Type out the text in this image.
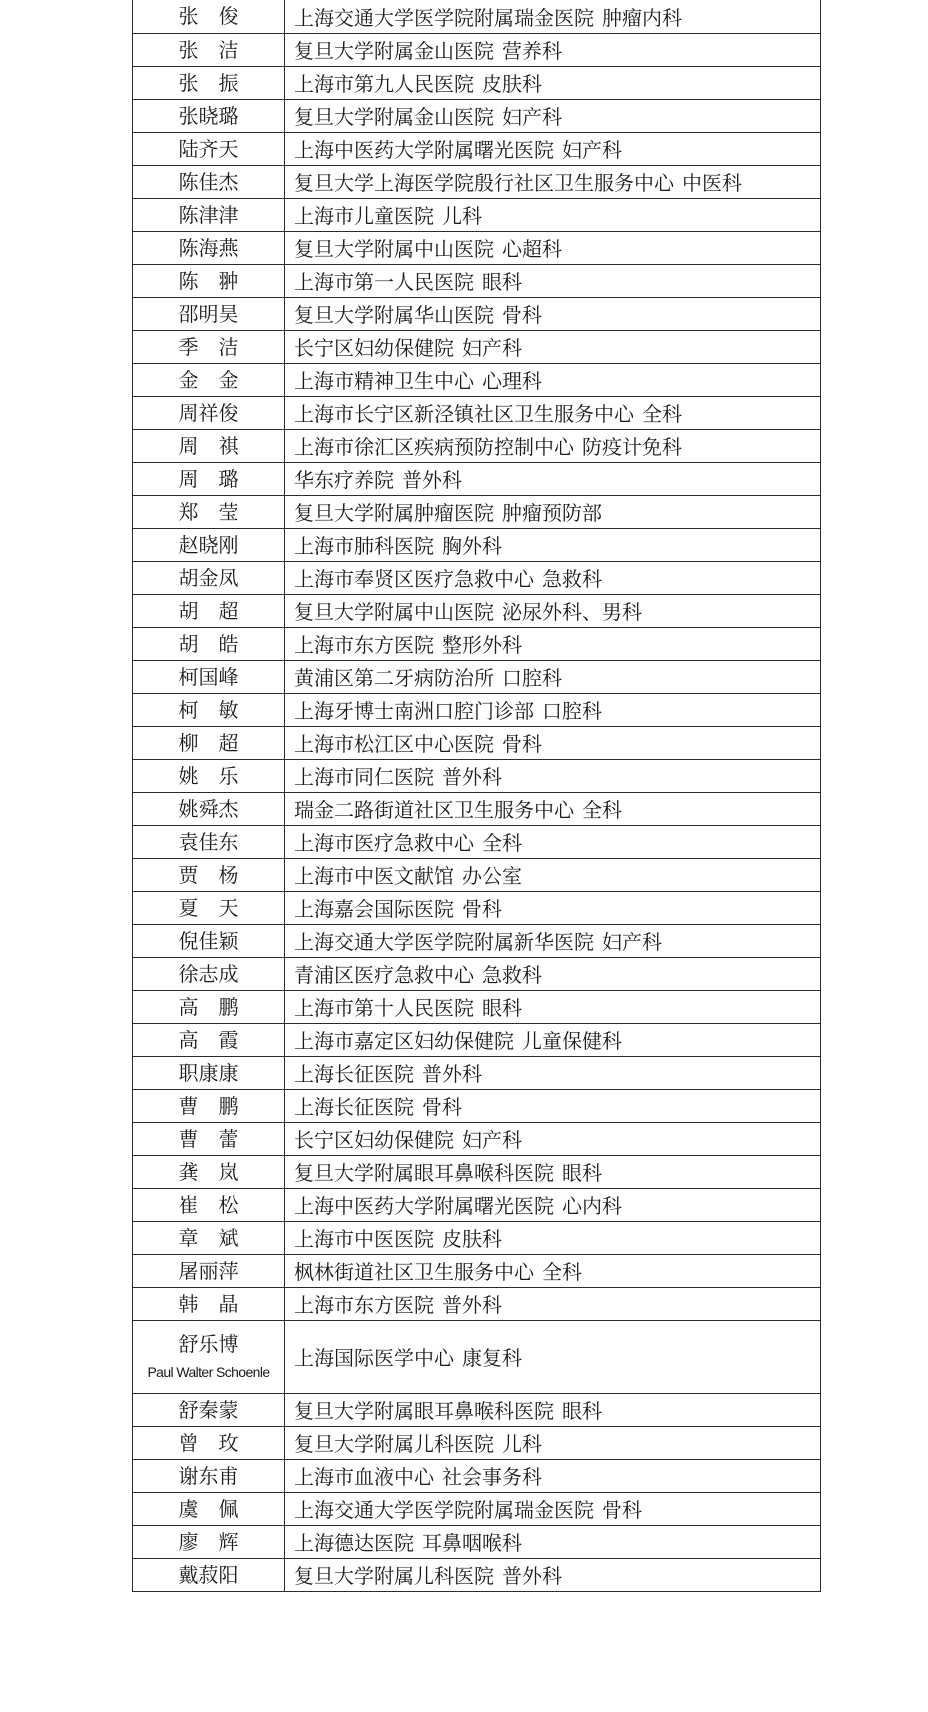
张　俊	上海交通大学医学院附属瑞金医院 肿瘤内科

张　洁	复旦大学附属金山医院 营养科

张　振	上海市第九人民医院 皮肤科

张晓璐	复旦大学附属金山医院 妇产科

陆齐天	上海中医药大学附属曙光医院 妇产科

陈佳杰	复旦大学上海医学院殷行社区卫生服务中心 中医科

陈津津	上海市儿童医院 儿科

陈海燕	复旦大学附属中山医院 心超科

陈　翀	上海市第一人民医院 眼科

邵明昊	复旦大学附属华山医院 骨科

季　洁	长宁区妇幼保健院 妇产科

金　金	上海市精神卫生中心 心理科

周祥俊	上海市长宁区新泾镇社区卫生服务中心 全科

周　祺	上海市徐汇区疾病预防控制中心 防疫计免科

周　璐	华东疗养院 普外科

郑　莹	复旦大学附属肿瘤医院 肿瘤预防部

赵晓刚	上海市肺科医院 胸外科

胡金凤	上海市奉贤区医疗急救中心 急救科

胡　超	复旦大学附属中山医院 泌尿外科、男科

胡　皓	上海市东方医院 整形外科

柯国峰	黄浦区第二牙病防治所 口腔科

柯　敏	上海牙博士南洲口腔门诊部 口腔科

柳　超	上海市松江区中心医院 骨科

姚　乐	上海市同仁医院 普外科

姚舜杰	瑞金二路街道社区卫生服务中心 全科

袁佳东	上海市医疗急救中心 全科

贾　杨	上海市中医文献馆 办公室

夏　天	上海嘉会国际医院 骨科

倪佳颖	上海交通大学医学院附属新华医院 妇产科

徐志成	青浦区医疗急救中心 急救科

高　鹏	上海市第十人民医院 眼科

高　霞	上海市嘉定区妇幼保健院 儿童保健科

职康康	上海长征医院 普外科

曹　鹏	上海长征医院 骨科

曹　蕾	长宁区妇幼保健院 妇产科

龚　岚	复旦大学附属眼耳鼻喉科医院 眼科

崔　松	上海中医药大学附属曙光医院 心内科

章　斌	上海市中医医院 皮肤科

屠丽萍	枫林街道社区卫生服务中心 全科

韩　晶	上海市东方医院 普外科

舒乐博
Paul Walter Schoenle	上海国际医学中心 康复科

舒秦蒙	复旦大学附属眼耳鼻喉科医院 眼科

曾　玫	复旦大学附属儿科医院 儿科

谢东甫	上海市血液中心 社会事务科

虞　佩	上海交通大学医学院附属瑞金医院 骨科

廖　辉	上海德达医院 耳鼻咽喉科

戴菽阳	复旦大学附属儿科医院 普外科
